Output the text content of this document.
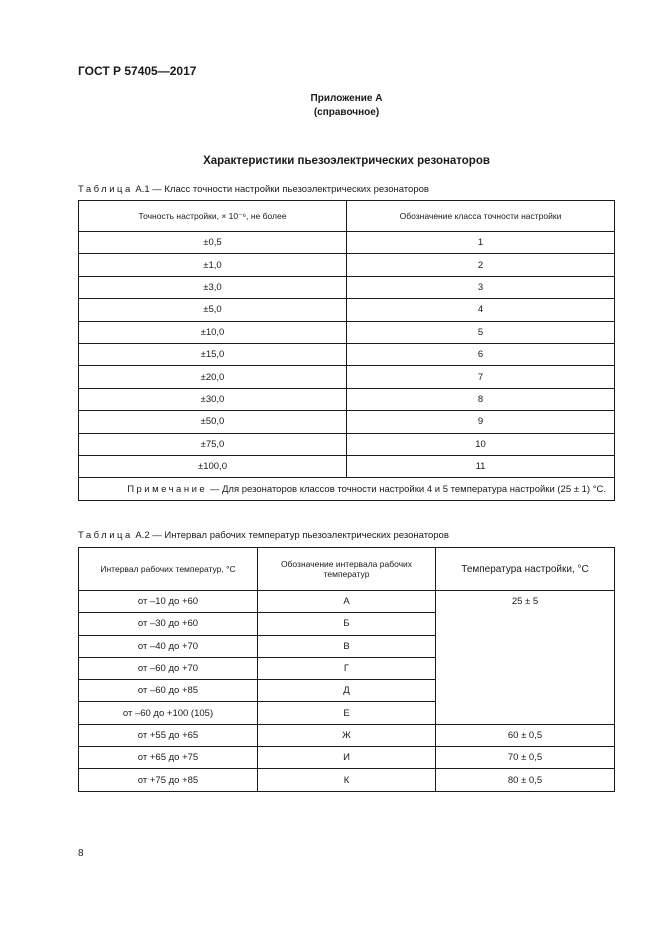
ГОСТ Р 57405—2017
Приложение А
(справочное)
Характеристики пьезоэлектрических резонаторов
Таблица А.1 — Класс точности настройки пьезоэлектрических резонаторов
Точность настройки, × 10⁻⁶, не более	Обозначение класса точности настройки
±0,5	1
±1,0	2
±3,0	3
±5,0	4
±10,0	5
±15,0	6
±20,0	7
±30,0	8
±50,0	9
±75,0	10
±100,0	11
Примечание — Для резонаторов классов точности настройки 4 и 5 температура настройки (25 ± 1) °С.	
Таблица А.2 — Интервал рабочих температур пьезоэлектрических резонаторов
Интервал рабочих температур, °С	Обозначение интервала рабочих температур	Температура настройки, °С
от –10 до +60	А	25 ± 5
от –30 до +60	Б	
от –40 до +70	В	
от –60 до +70	Г	
от –60 до +85	Д	
от –60 до +100 (105)	Е	
от +55 до +65	Ж	60 ± 0,5
от +65 до +75	И	70 ± 0,5
от +75 до +85	К	80 ± 0,5
8
